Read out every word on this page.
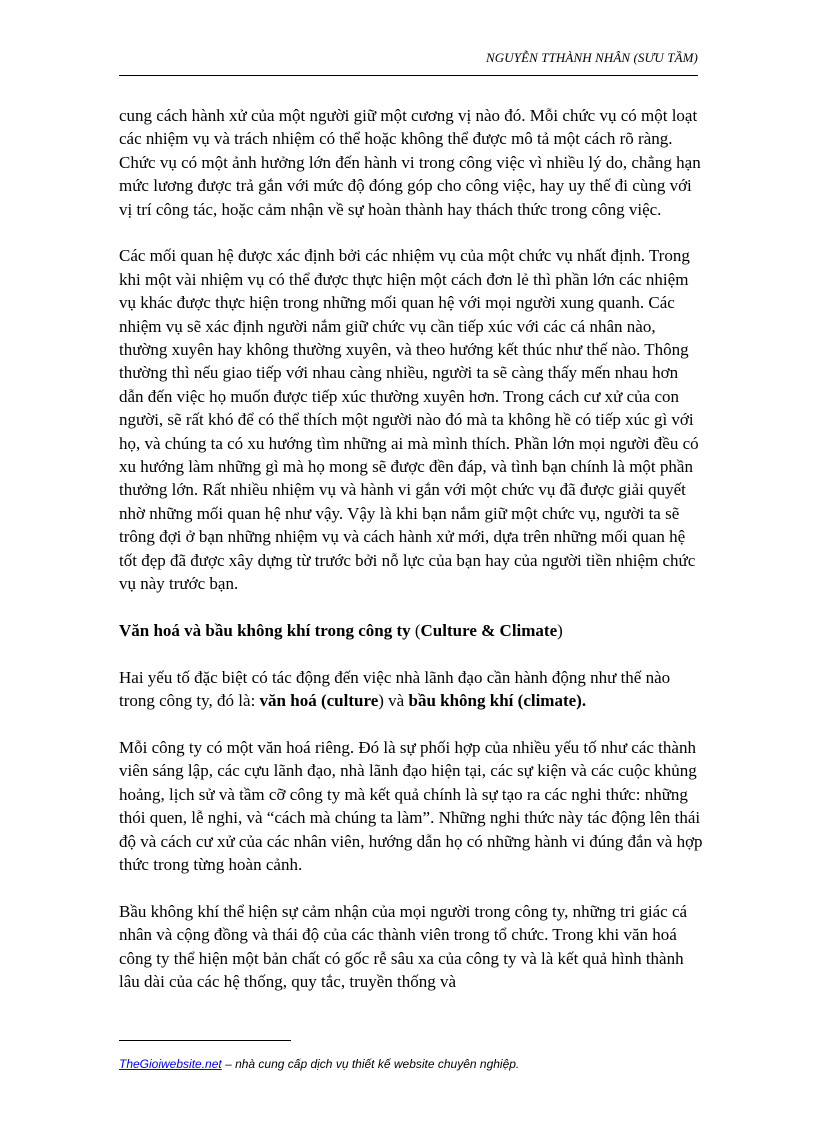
NGUYỄN TTHÀNH NHÂN (SƯU TẦM)

cung cách hành xử của một người giữ một cương vị nào đó. Mỗi chức vụ có một loạt các nhiệm vụ và trách nhiệm có thể hoặc không thể được mô tả một cách rõ ràng. Chức vụ có một ảnh hưởng lớn đến hành vi trong công việc vì nhiều lý do, chẳng hạn mức lương được trả gắn với mức độ đóng góp cho công việc, hay uy thế đi cùng với vị trí công tác, hoặc cảm nhận về sự hoàn thành hay thách thức trong công việc.

Các mối quan hệ được xác định bởi các nhiệm vụ của một chức vụ nhất định. Trong khi một vài nhiệm vụ có thể được thực hiện một cách đơn lẻ thì phần lớn các nhiệm vụ khác được thực hiện trong những mối quan hệ với mọi người xung quanh. Các nhiệm vụ sẽ xác định người nắm giữ chức vụ cần tiếp xúc với các cá nhân nào, thường xuyên hay không thường xuyên, và theo hướng kết thúc như thế nào. Thông thường thì nếu giao tiếp với nhau càng nhiều, người ta sẽ càng thấy mến nhau hơn dẫn đến việc họ muốn được tiếp xúc thường xuyên hơn. Trong cách cư xử của con người, sẽ rất khó để có thể thích một người nào đó mà ta không hề có tiếp xúc gì với họ, và chúng ta có xu hướng tìm những ai mà mình thích. Phần lớn mọi người đều có xu hướng làm những gì mà họ mong sẽ được đền đáp, và tình bạn chính là một phần thưởng lớn. Rất nhiều nhiệm vụ và hành vi gắn với một chức vụ đã được giải quyết nhờ những mối quan hệ như vậy. Vậy là khi bạn nắm giữ một chức vụ, người ta sẽ trông đợi ở bạn những nhiệm vụ và cách hành xử mới, dựa trên những mối quan hệ tốt đẹp đã được xây dựng từ trước bởi nỗ lực của bạn hay của người tiền nhiệm chức vụ này trước bạn.

Văn hoá và bầu không khí trong công ty (Culture & Climate)

Hai yếu tố đặc biệt có tác động đến việc nhà lãnh đạo cần hành động như thế nào trong công ty, đó là: văn hoá (culture) và bầu không khí (climate).

Mỗi công ty có một văn hoá riêng. Đó là sự phối hợp của nhiều yếu tố như các thành viên sáng lập, các cựu lãnh đạo, nhà lãnh đạo hiện tại, các sự kiện và các cuộc khủng hoảng, lịch sử và tầm cỡ công ty mà kết quả chính là sự tạo ra các nghi thức: những thói quen, lễ nghi, và “cách mà chúng ta làm”. Những nghi thức này tác động lên thái độ và cách cư xử của các nhân viên, hướng dẫn họ có những hành vi đúng đắn và hợp thức trong từng hoàn cảnh.

Bầu không khí thể hiện sự cảm nhận của mọi người trong công ty, những tri giác cá nhân và cộng đồng và thái độ của các thành viên trong tổ chức. Trong khi văn hoá công ty thể hiện một bản chất có gốc rễ sâu xa của công ty và là kết quả hình thành lâu dài của các hệ thống, quy tắc, truyền thống và

TheGioiwebsite.net – nhà cung cấp dịch vụ thiết kế website chuyên nghiệp.
